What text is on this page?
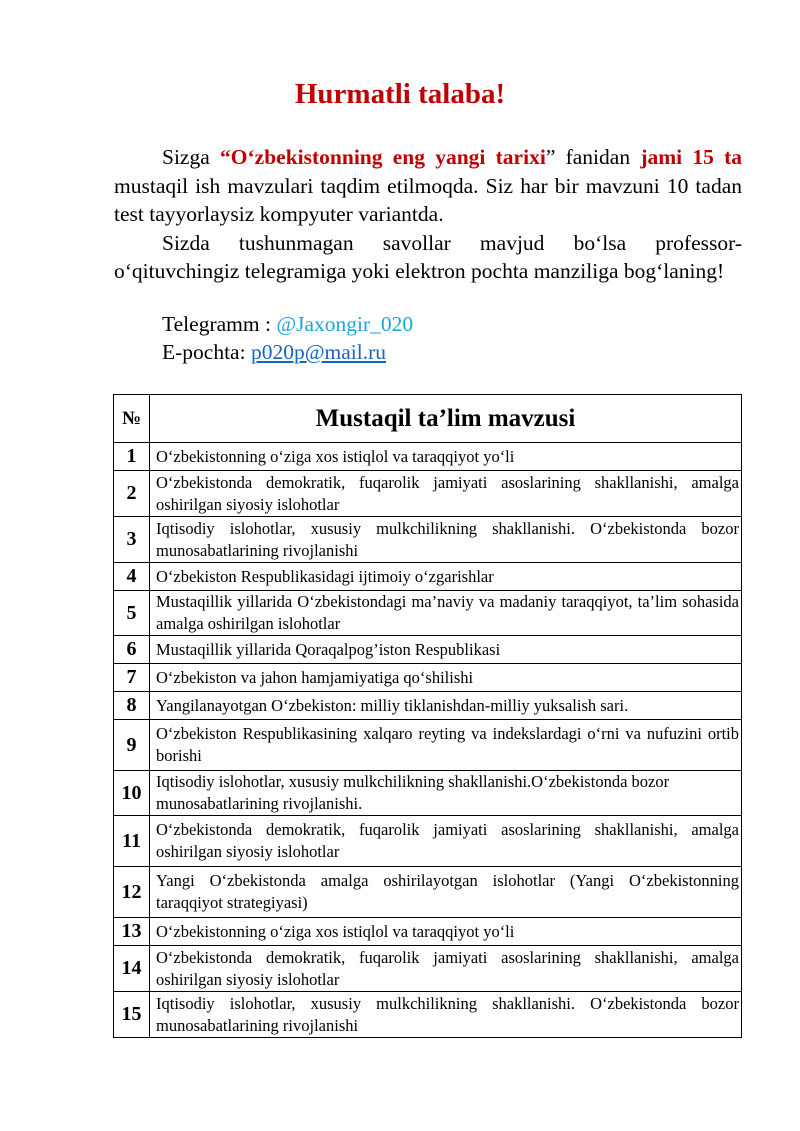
Hurmatli talaba!

Sizga “O‘zbekistonning eng yangi tarixi” fanidan jami 15 ta mustaqil ish mavzulari taqdim etilmoqda. Siz har bir mavzuni 10 tadan test tayyorlaysiz kompyuter variantda.

Sizda tushunmagan savollar mavjud bo‘lsa professor-o‘qituvchingiz telegramiga yoki elektron pochta manziliga bog‘laning!

Telegramm : @Jaxongir_020
E-pochta: p020p@mail.ru
№	Mustaqil ta’lim mavzusi
1	O‘zbekistonning o‘ziga xos istiqlol va taraqqiyot yo‘li
2	O‘zbekistonda demokratik, fuqarolik jamiyati asoslarining shakllanishi, amalga oshirilgan siyosiy islohotlar
3	Iqtisodiy islohotlar, xususiy mulkchilikning shakllanishi. O‘zbekistonda bozor munosabatlarining rivojlanishi
4	O‘zbekiston Respublikasidagi ijtimoiy o‘zgarishlar
5	Mustaqillik yillarida O‘zbekistondagi ma’naviy va madaniy taraqqiyot, ta’lim sohasida amalga oshirilgan islohotlar
6	Mustaqillik yillarida Qoraqalpog’iston Respublikasi
7	O‘zbekiston va jahon hamjamiyatiga qo‘shilishi
8	Yangilanayotgan O‘zbekiston: milliy tiklanishdan-milliy yuksalish sari.
9	O‘zbekiston Respublikasining xalqaro reyting va indekslardagi o‘rni va nufuzini ortib borishi
10	Iqtisodiy islohotlar, xususiy mulkchilikning shakllanishi.O‘zbekistonda bozor munosabatlarining rivojlanishi.
11	O‘zbekistonda demokratik, fuqarolik jamiyati asoslarining shakllanishi, amalga oshirilgan siyosiy islohotlar
12	Yangi O‘zbekistonda amalga oshirilayotgan islohotlar (Yangi O‘zbekistonning taraqqiyot strategiyasi)
13	O‘zbekistonning o‘ziga xos istiqlol va taraqqiyot yo‘li
14	O‘zbekistonda demokratik, fuqarolik jamiyati asoslarining shakllanishi, amalga oshirilgan siyosiy islohotlar
15	Iqtisodiy islohotlar, xususiy mulkchilikning shakllanishi. O‘zbekistonda bozor munosabatlarining rivojlanishi
